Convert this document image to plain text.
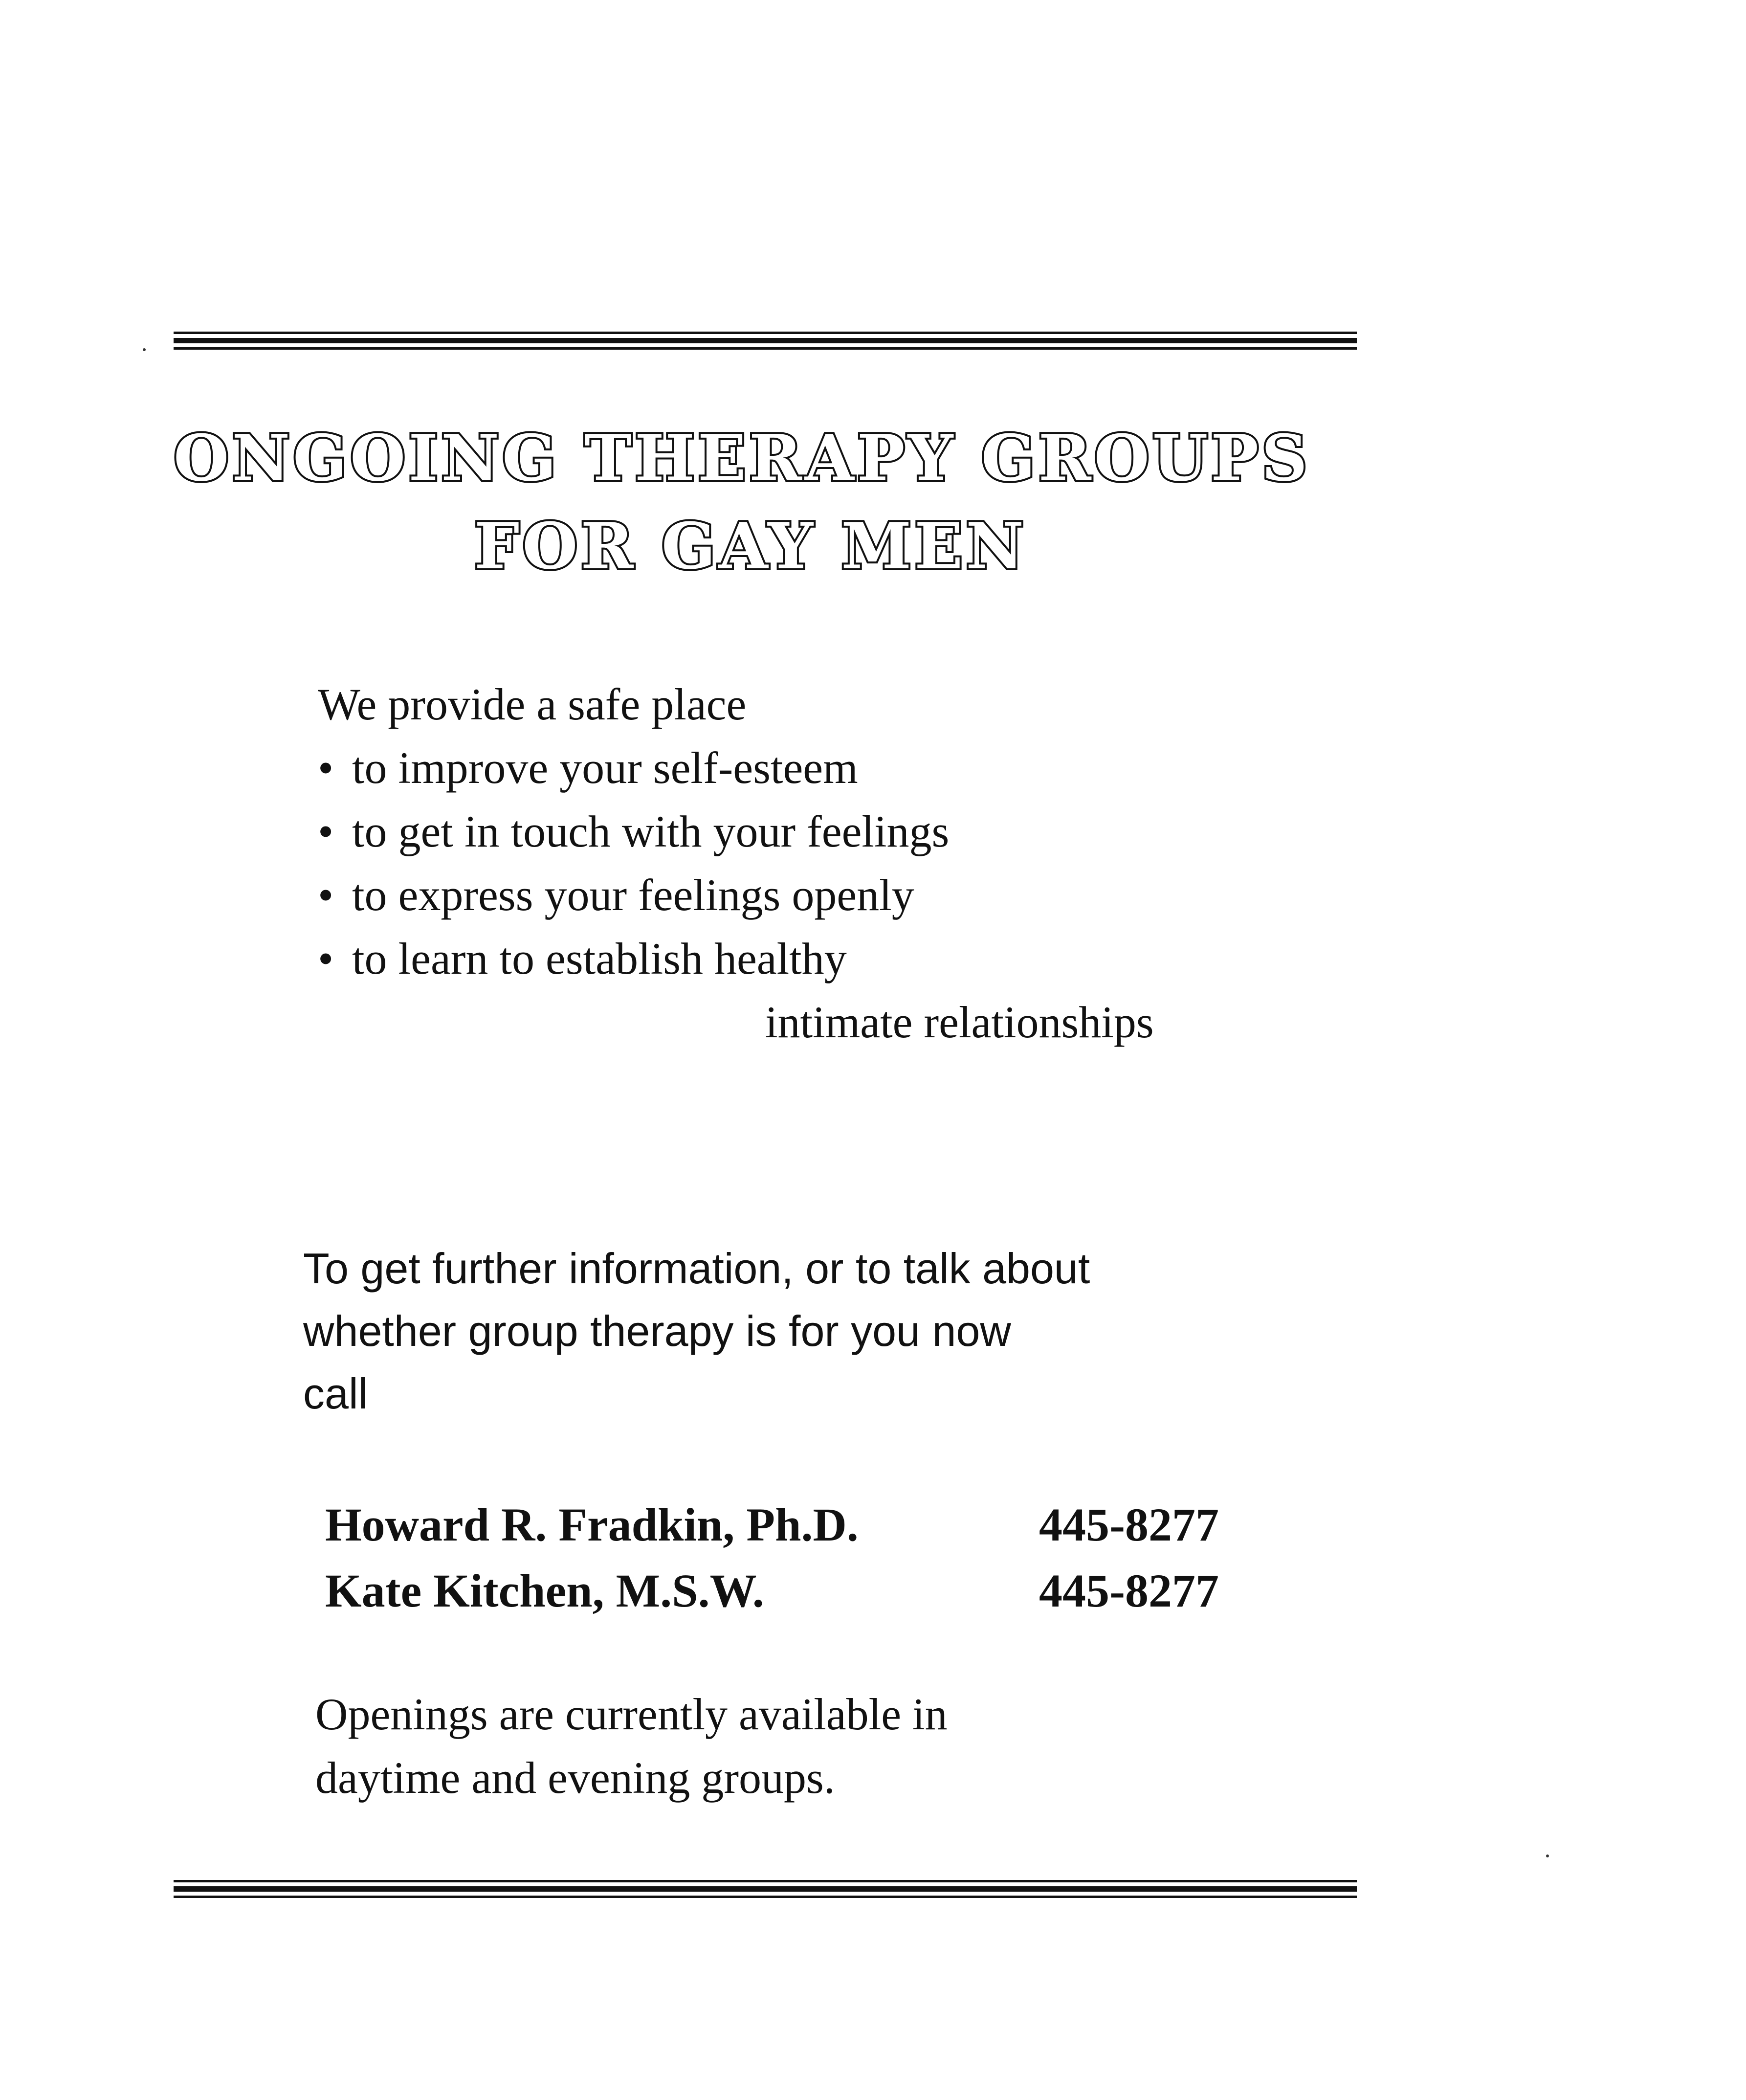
ONGOING THERAPY GROUPS
FOR GAY MEN
We provide a safe place
• to improve your self-esteem
• to get in touch with your feelings
• to express your feelings openly
• to learn to establish healthy
intimate relationships
To get further information, or to talk about
whether group therapy is for you now
call
Howard R. Fradkin, Ph.D.	445-8277
Kate Kitchen, M.S.W.	445-8277
Openings are currently available in
daytime and evening groups.
